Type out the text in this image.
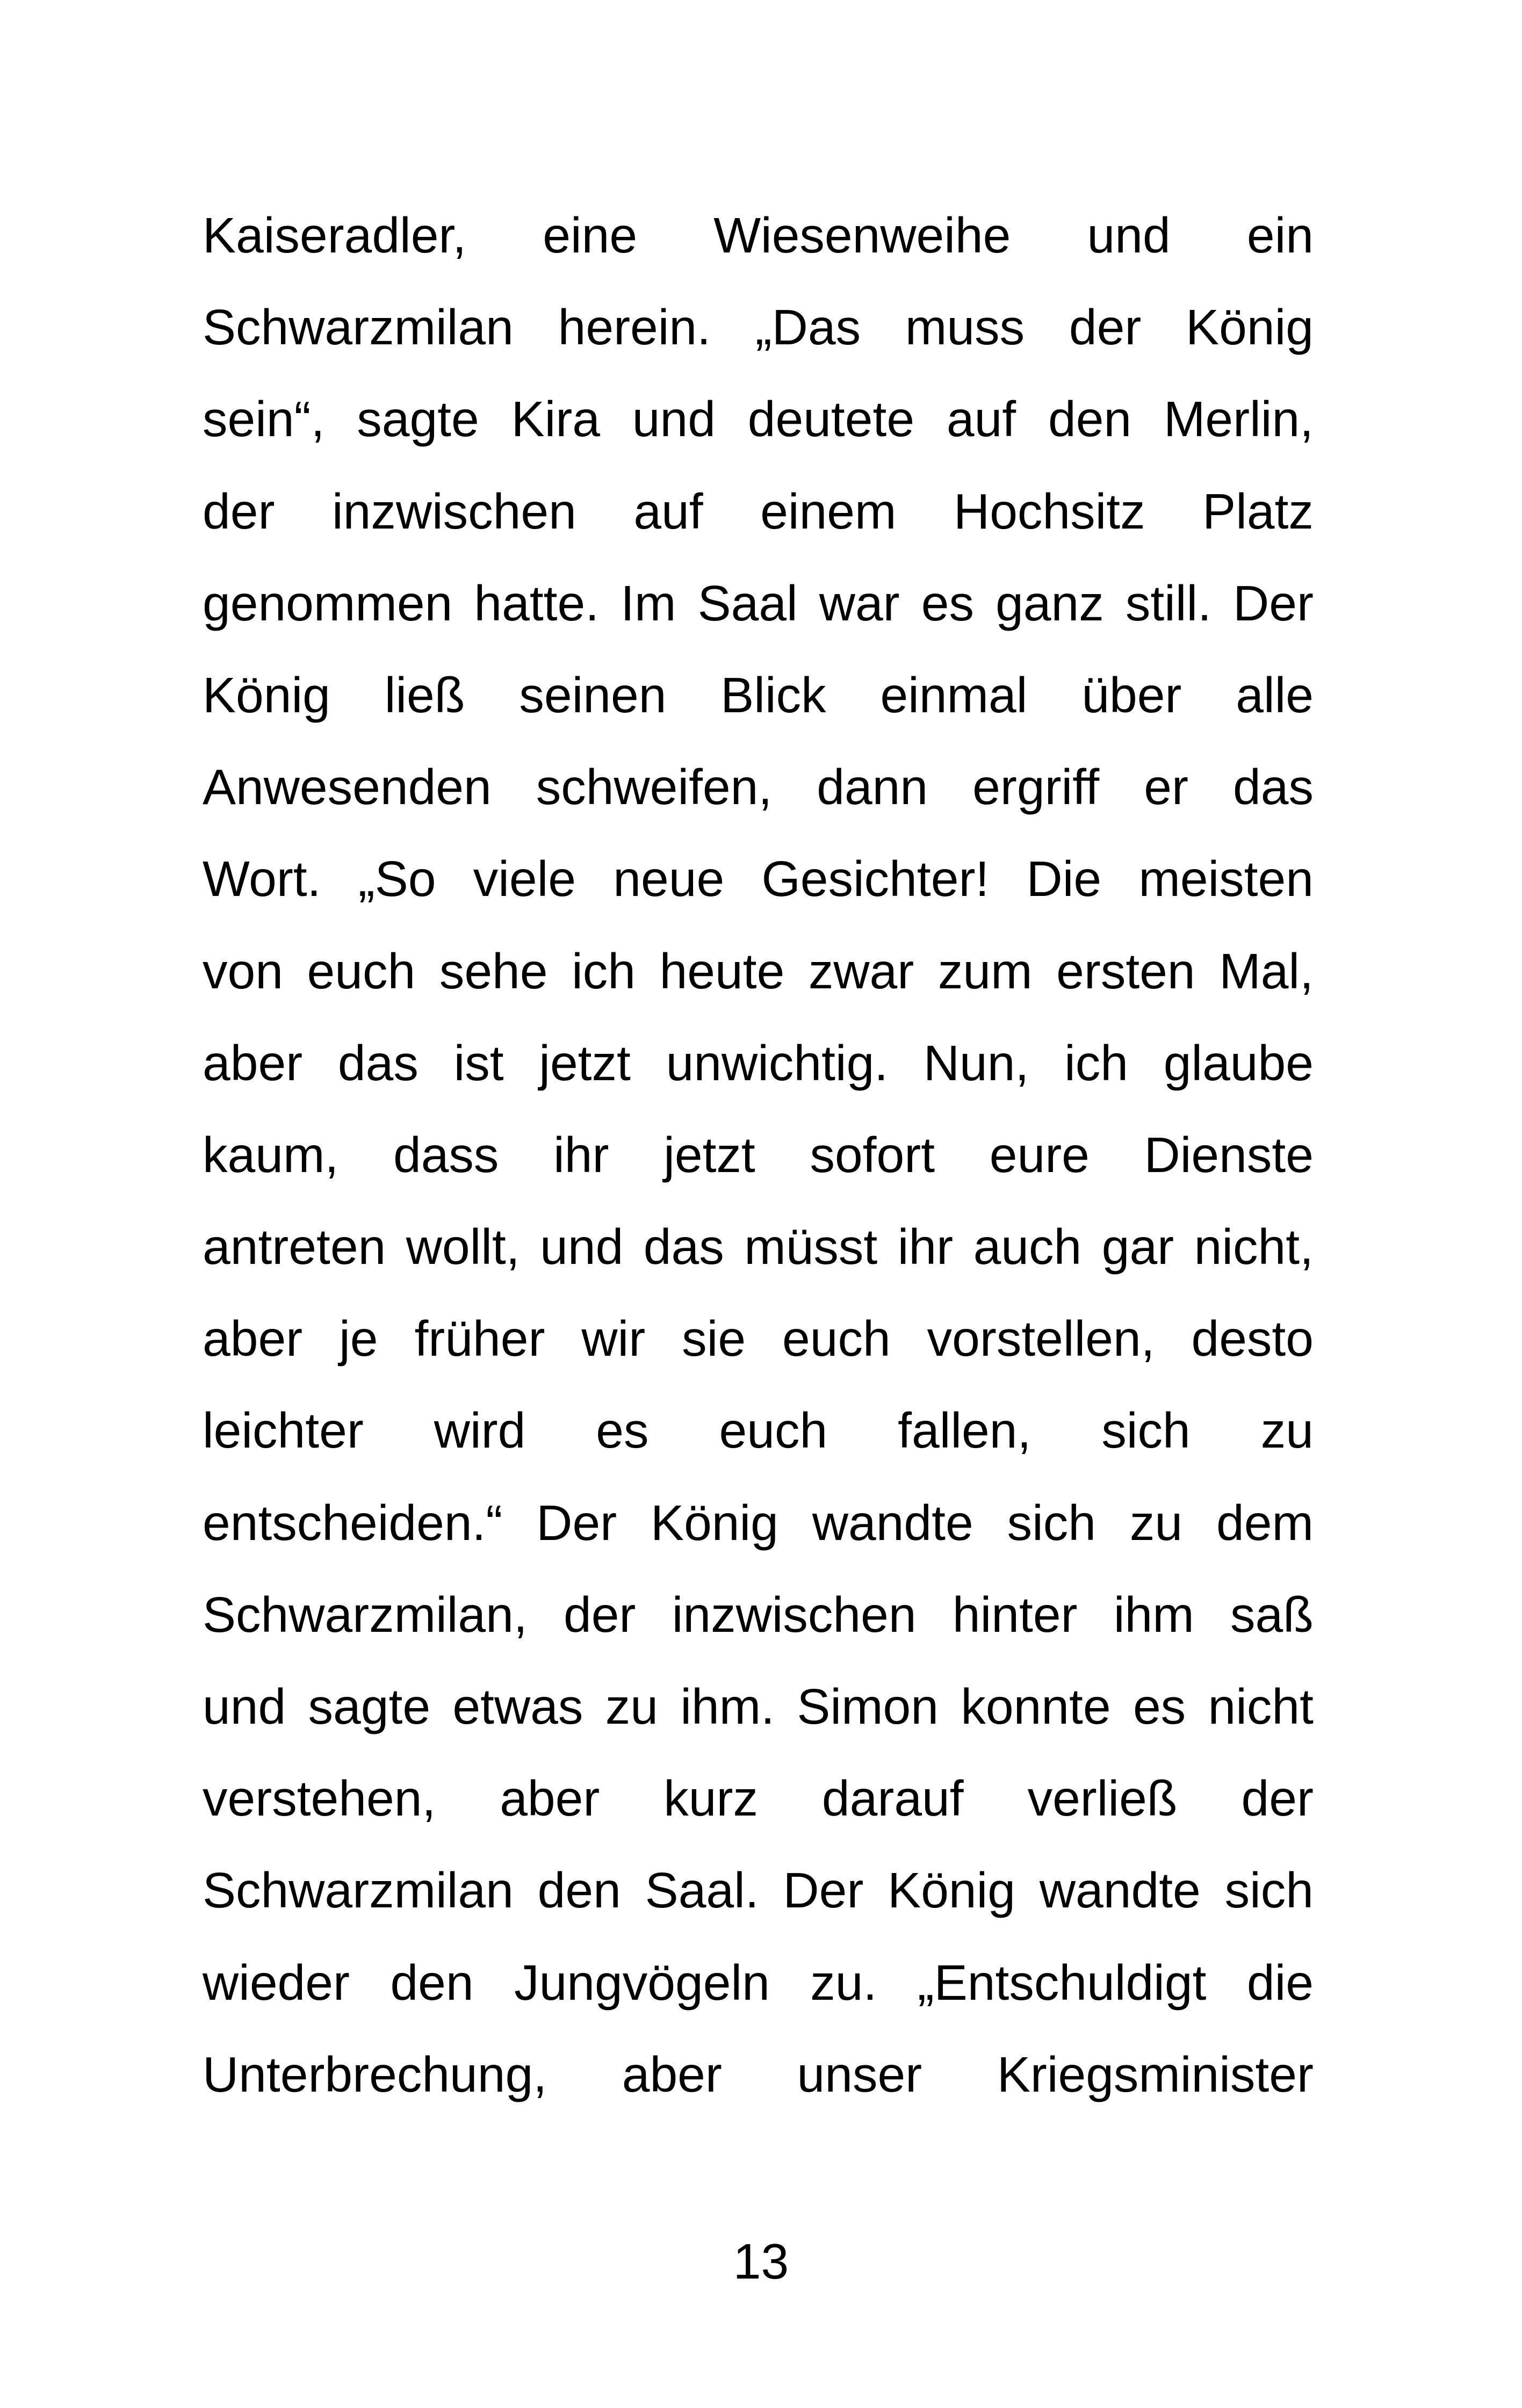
Kaiseradler, eine Wiesenweihe und ein
Schwarzmilan herein. „Das muss der König
sein“, sagte Kira und deutete auf den Merlin,
der inzwischen auf einem Hochsitz Platz
genommen hatte. Im Saal war es ganz still. Der
König ließ seinen Blick einmal über alle
Anwesenden schweifen, dann ergriff er das
Wort. „So viele neue Gesichter! Die meisten
von euch sehe ich heute zwar zum ersten Mal,
aber das ist jetzt unwichtig. Nun, ich glaube
kaum, dass ihr jetzt sofort eure Dienste
antreten wollt, und das müsst ihr auch gar nicht,
aber je früher wir sie euch vorstellen, desto
leichter wird es euch fallen, sich zu
entscheiden.“ Der König wandte sich zu dem
Schwarzmilan, der inzwischen hinter ihm saß
und sagte etwas zu ihm. Simon konnte es nicht
verstehen, aber kurz darauf verließ der
Schwarzmilan den Saal. Der König wandte sich
wieder den Jungvögeln zu. „Entschuldigt die
Unterbrechung, aber unser Kriegsminister
13
